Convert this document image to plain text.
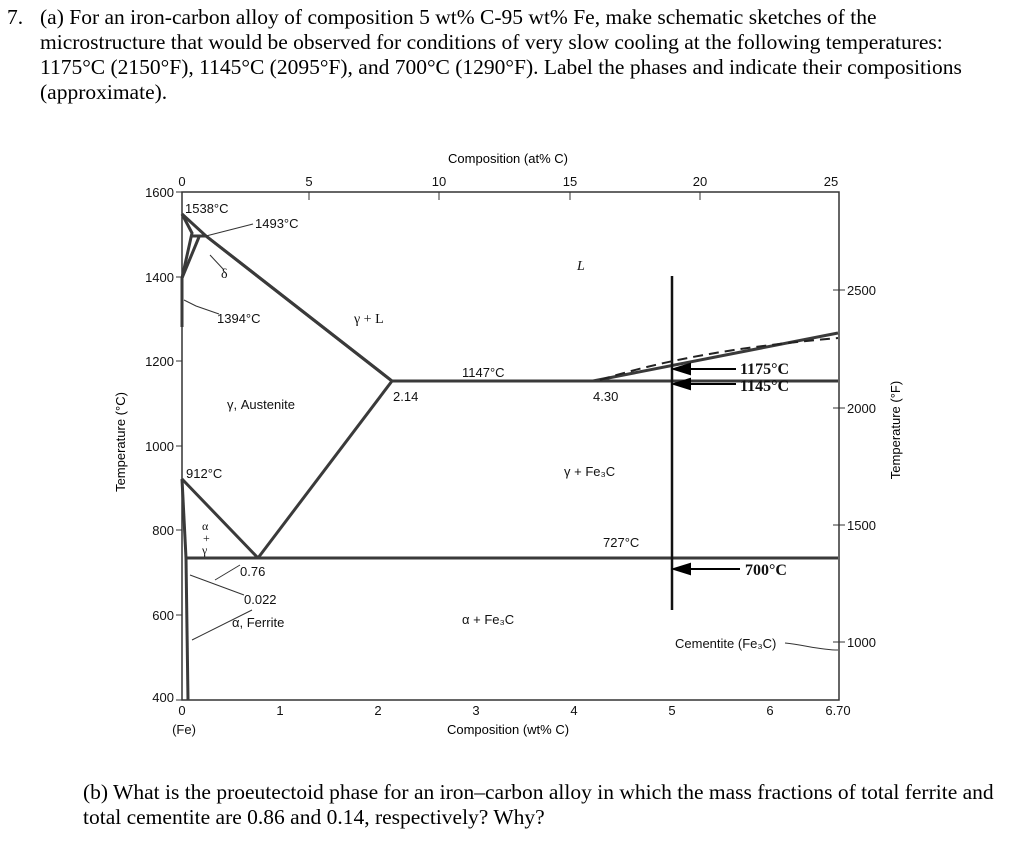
7. (a) For an iron-carbon alloy of composition 5 wt% C-95 wt% Fe, make schematic sketches of the microstructure that would be observed for conditions of very slow cooling at the following temperatures: 1175°C (2150°F), 1145°C (2095°F), and 700°C (1290°F). Label the phases and indicate their compositions (approximate).
(b) What is the proeutectoid phase for an iron–carbon alloy in which the mass fractions of total ferrite and total cementite are 0.86 and 0.14, respectively? Why?
1600
1400
1200
1000
800
600
400
2500
2000
1500
1000
0	1	2	3	4	5	6	6.70
(Fe)
0	5	10	15	20	25
Composition (at% C)
Composition (wt% C)
Temperature (°C)	Temperature (°F)
1538°C
1493°C
1394°C
1147°C
912°C
727°C
2.14	4.30
0.76
0.022
L
δ
γ + L
γ, Austenite
γ + Fe₃C
α + Fe₃C
α, Ferrite
Cementite (Fe₃C)
α
+
γ
1175°C
1145°C
700°C
